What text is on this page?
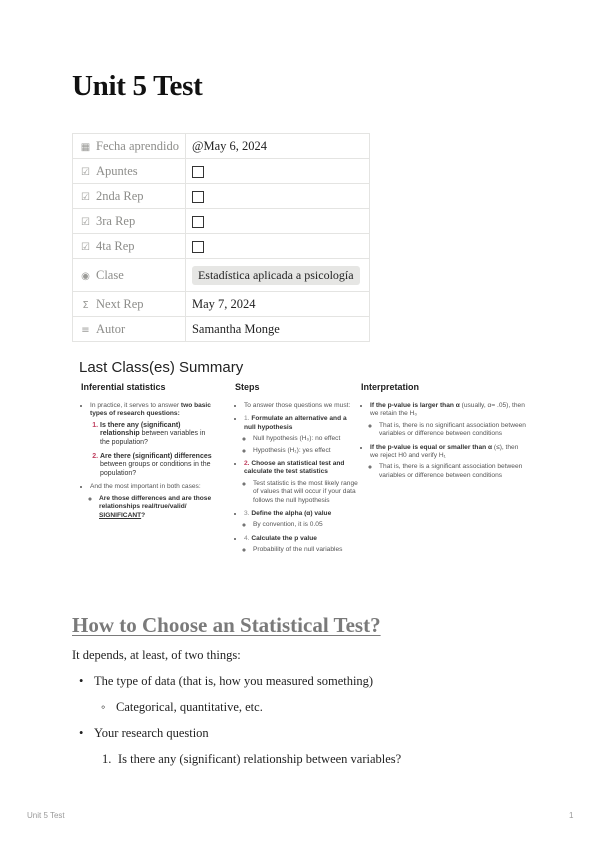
Unit 5 Test
▦ Fecha aprendido	@May 6, 2024
☑ Apuntes	
☑ 2nda Rep	
☑ 3ra Rep	
☑ 4ta Rep	
◉ Clase	Estadística aplicada a psicología
Σ Next Rep	May 7, 2024
≡ Autor	Samantha Monge
Last Class(es) Summary
Inferential statistics
• In practice, it serves to answer two basic types of research questions:
1. Is there any (significant) relationship between variables in the population?
2. Are there (significant) differences between groups or conditions in the population?
• And the most important in both cases:
◦ Are those differences and are those relationships real/true/valid/ SIGNIFICANT?
Steps
• To answer those questions we must:
• 1. Formulate an alternative and a null hypothesis
◦ Null hypothesis (H₀): no effect
◦ Hypothesis (H₁): yes effect
• 2. Choose an statistical test and calculate the test statistics
◦ Test statistic is the most likely range of values that will occur if your data follows the null hypothesis
• 3. Define the alpha (α) value
◦ By convention, it is 0.05
• 4. Calculate the p value
◦ Probability of the null variables
Interpretation
• If the p-value is larger than α (usually, α= .05), then we retain the H₀
◦ That is, there is no significant association between variables or difference between conditions
• If the p-value is equal or smaller than α (≤), then we reject H0 and verify H₁
◦ That is, there is a significant association between variables or difference between conditions
How to Choose an Statistical Test?

It depends, at least, of two things:

• The type of data (that is, how you measured something)
◦ Categorical, quantitative, etc.
• Your research question
1. Is there any (significant) relationship between variables?
Unit 5 Test	1
